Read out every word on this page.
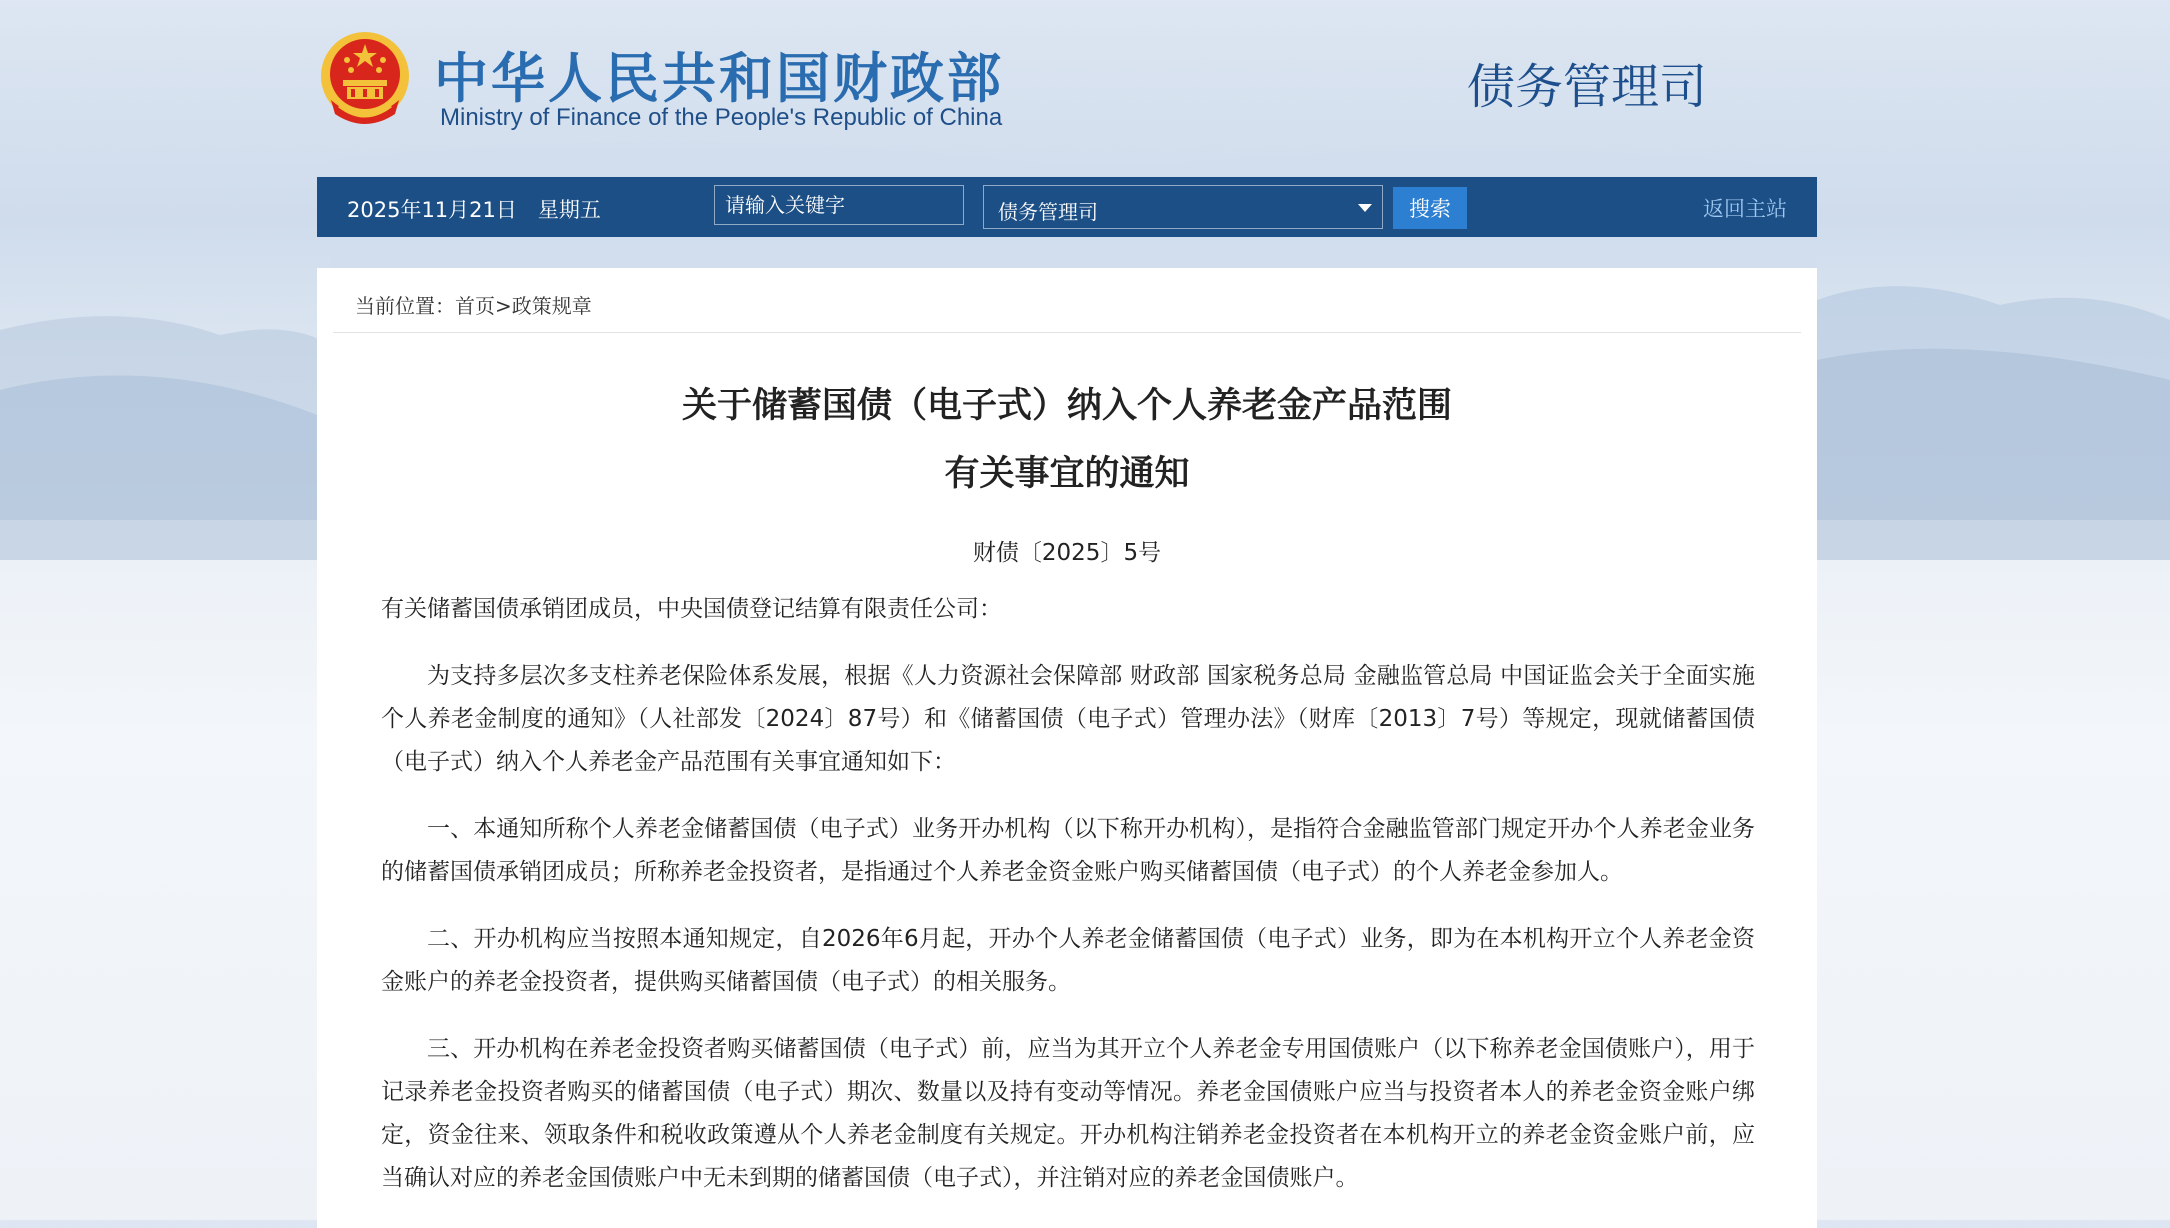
中华人民共和国财政部
Ministry of Finance of the People's Republic of China
债务管理司
2025年11月21日　星期五
请输入关键字	债务管理司	搜索	返回主站
当前位置：首页>政策规章
关于储蓄国债（电子式）纳入个人养老金产品范围
有关事宜的通知
财债〔2025〕5号
有关储蓄国债承销团成员，中央国债登记结算有限责任公司：
为支持多层次多支柱养老保险体系发展，根据《人力资源社会保障部 财政部 国家税务总局 金融监管总局 中国证监会关于全面实施个人养老金制度的通知》（人社部发〔2024〕87号）和《储蓄国债（电子式）管理办法》（财库〔2013〕7号）等规定，现就储蓄国债（电子式）纳入个人养老金产品范围有关事宜通知如下：
一、本通知所称个人养老金储蓄国债（电子式）业务开办机构（以下称开办机构），是指符合金融监管部门规定开办个人养老金业务的储蓄国债承销团成员；所称养老金投资者，是指通过个人养老金资金账户购买储蓄国债（电子式）的个人养老金参加人。
二、开办机构应当按照本通知规定，自2026年6月起，开办个人养老金储蓄国债（电子式）业务，即为在本机构开立个人养老金资金账户的养老金投资者，提供购买储蓄国债（电子式）的相关服务。
三、开办机构在养老金投资者购买储蓄国债（电子式）前，应当为其开立个人养老金专用国债账户（以下称养老金国债账户），用于记录养老金投资者购买的储蓄国债（电子式）期次、数量以及持有变动等情况。养老金国债账户应当与投资者本人的养老金资金账户绑定，资金往来、领取条件和税收政策遵从个人养老金制度有关规定。开办机构注销养老金投资者在本机构开立的养老金资金账户前，应当确认对应的养老金国债账户中无未到期的储蓄国债（电子式），并注销对应的养老金国债账户。
